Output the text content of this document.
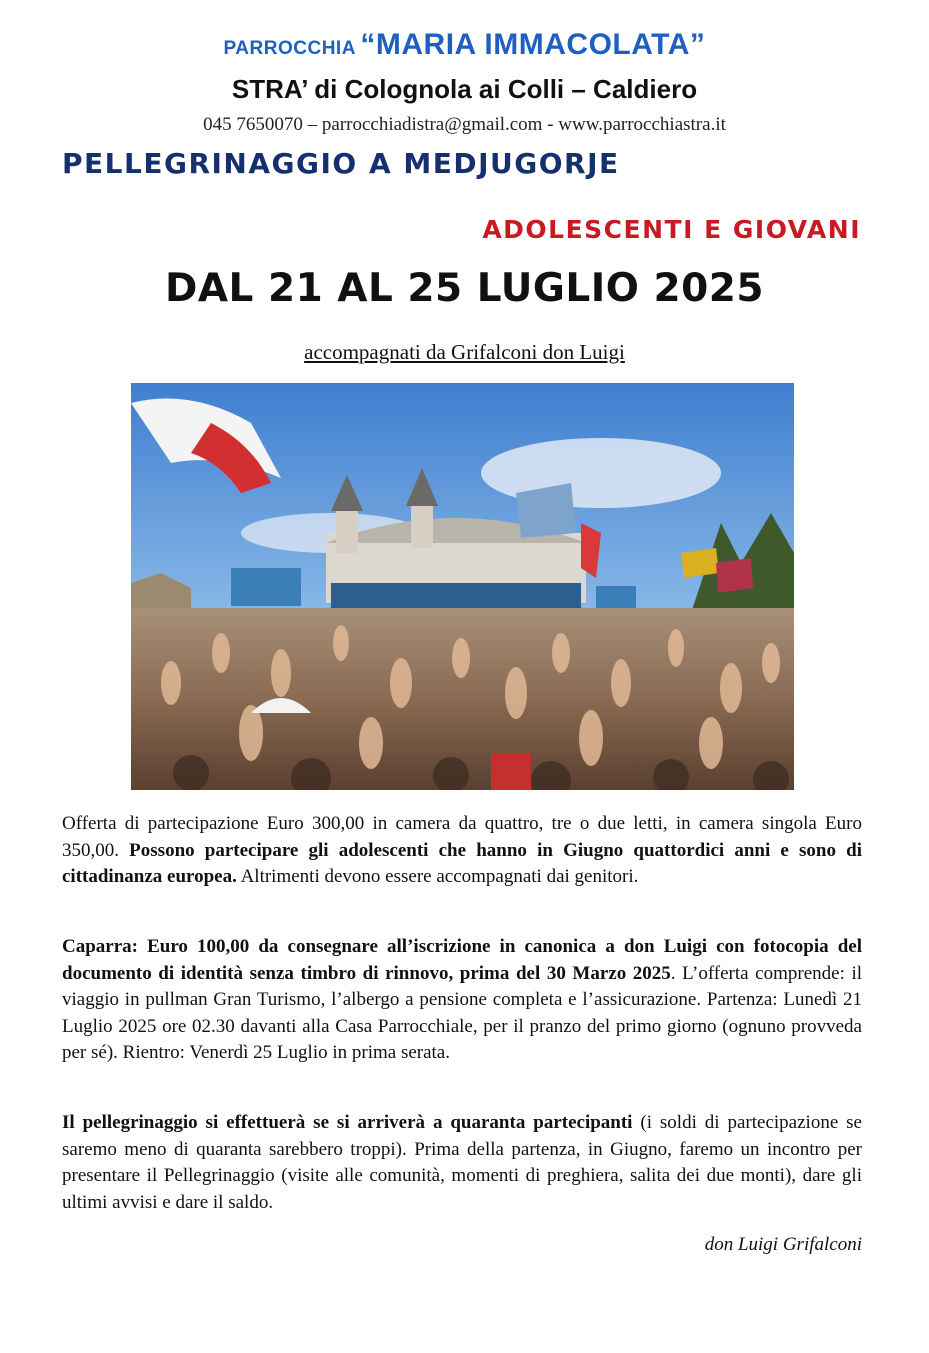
PARROCCHIA “MARIA IMMACOLATA”
STRA’ di Colognola ai Colli – Caldiero
045 7650070 – parrocchiadistra@gmail.com - www.parrocchiastra.it
PELLEGRINAGGIO A MEDJUGORJE
ADOLESCENTI E GIOVANI
DAL 21 AL 25 LUGLIO 2025
accompagnati da Grifalconi don Luigi
Offerta di partecipazione Euro 300,00 in camera da quattro, tre o due letti, in camera singola Euro 350,00. Possono partecipare gli adolescenti che hanno in Giugno quattordici anni e sono di cittadinanza europea. Altrimenti devono essere accompagnati dai genitori.
Caparra: Euro 100,00 da consegnare all’iscrizione in canonica a don Luigi con fotocopia del documento di identità senza timbro di rinnovo, prima del 30 Marzo 2025. L’offerta comprende: il viaggio in pullman Gran Turismo, l’albergo a pensione completa e l’assicurazione. Partenza: Lunedì 21 Luglio 2025 ore 02.30 davanti alla Casa Parrocchiale, per il pranzo del primo giorno (ognuno provveda per sé). Rientro: Venerdì 25 Luglio in prima serata.
Il pellegrinaggio si effettuerà se si arriverà a quaranta partecipanti (i soldi di partecipazione se saremo meno di quaranta sarebbero troppi). Prima della partenza, in Giugno, faremo un incontro per presentare il Pellegrinaggio (visite alle comunità, momenti di preghiera, salita dei due monti), dare gli ultimi avvisi e dare il saldo.
don Luigi Grifalconi
